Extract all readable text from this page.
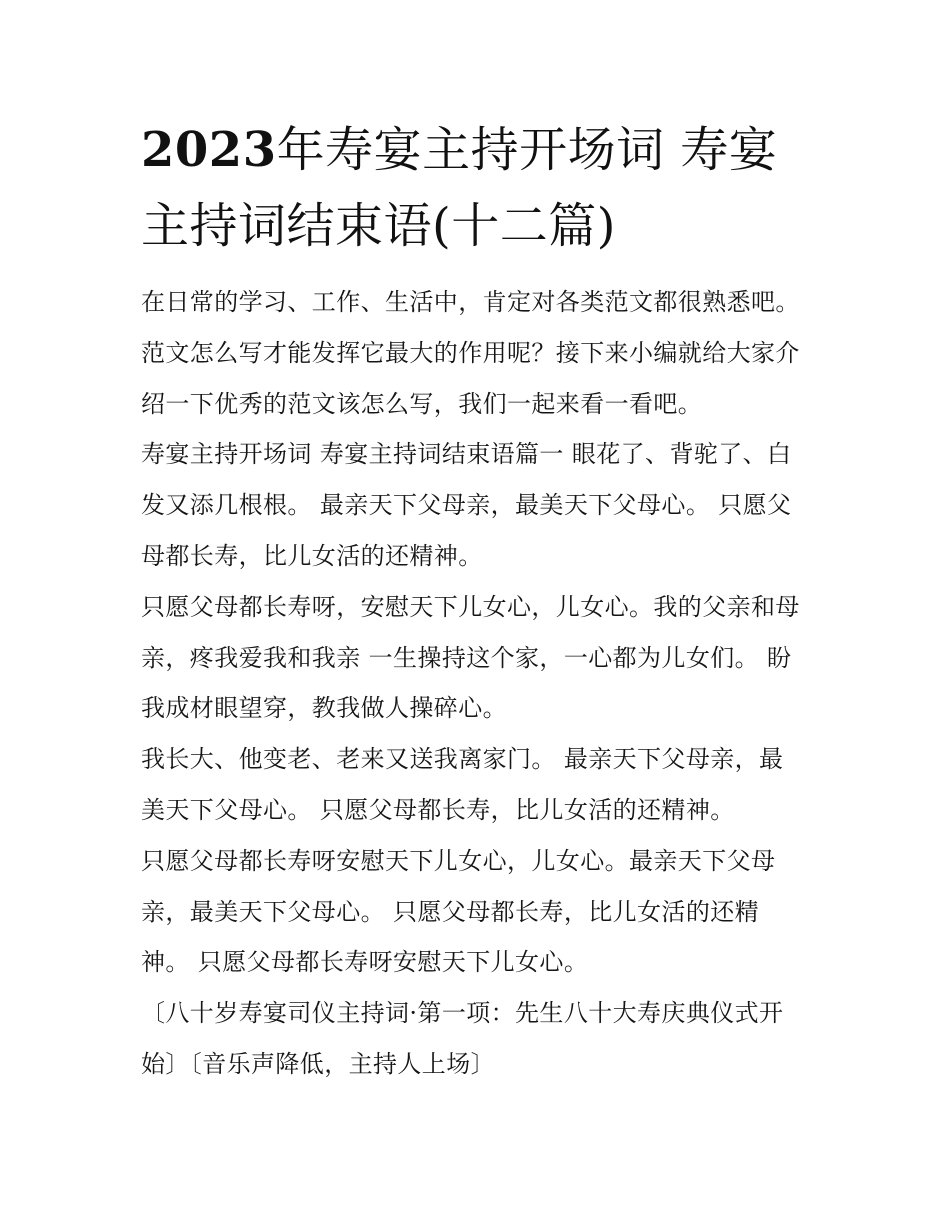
2023年寿宴主持开场词 寿宴
主持词结束语(十二篇)
在日常的学习、工作、生活中，肯定对各类范文都很熟悉吧。
范文怎么写才能发挥它最大的作用呢？接下来小编就给大家介
绍一下优秀的范文该怎么写，我们一起来看一看吧。
寿宴主持开场词 寿宴主持词结束语篇一 眼花了、背驼了、白
发又添几根根。 最亲天下父母亲，最美天下父母心。 只愿父
母都长寿，比儿女活的还精神。
只愿父母都长寿呀，安慰天下儿女心，儿女心。我的父亲和母
亲，疼我爱我和我亲 一生操持这个家，一心都为儿女们。 盼
我成材眼望穿，教我做人操碎心。
我长大、他变老、老来又送我离家门。 最亲天下父母亲，最
美天下父母心。 只愿父母都长寿，比儿女活的还精神。
只愿父母都长寿呀安慰天下儿女心，儿女心。最亲天下父母
亲，最美天下父母心。 只愿父母都长寿，比儿女活的还精
神。 只愿父母都长寿呀安慰天下儿女心。
〔八十岁寿宴司仪主持词·第一项：先生八十大寿庆典仪式开
始〕〔音乐声降低，主持人上场〕
